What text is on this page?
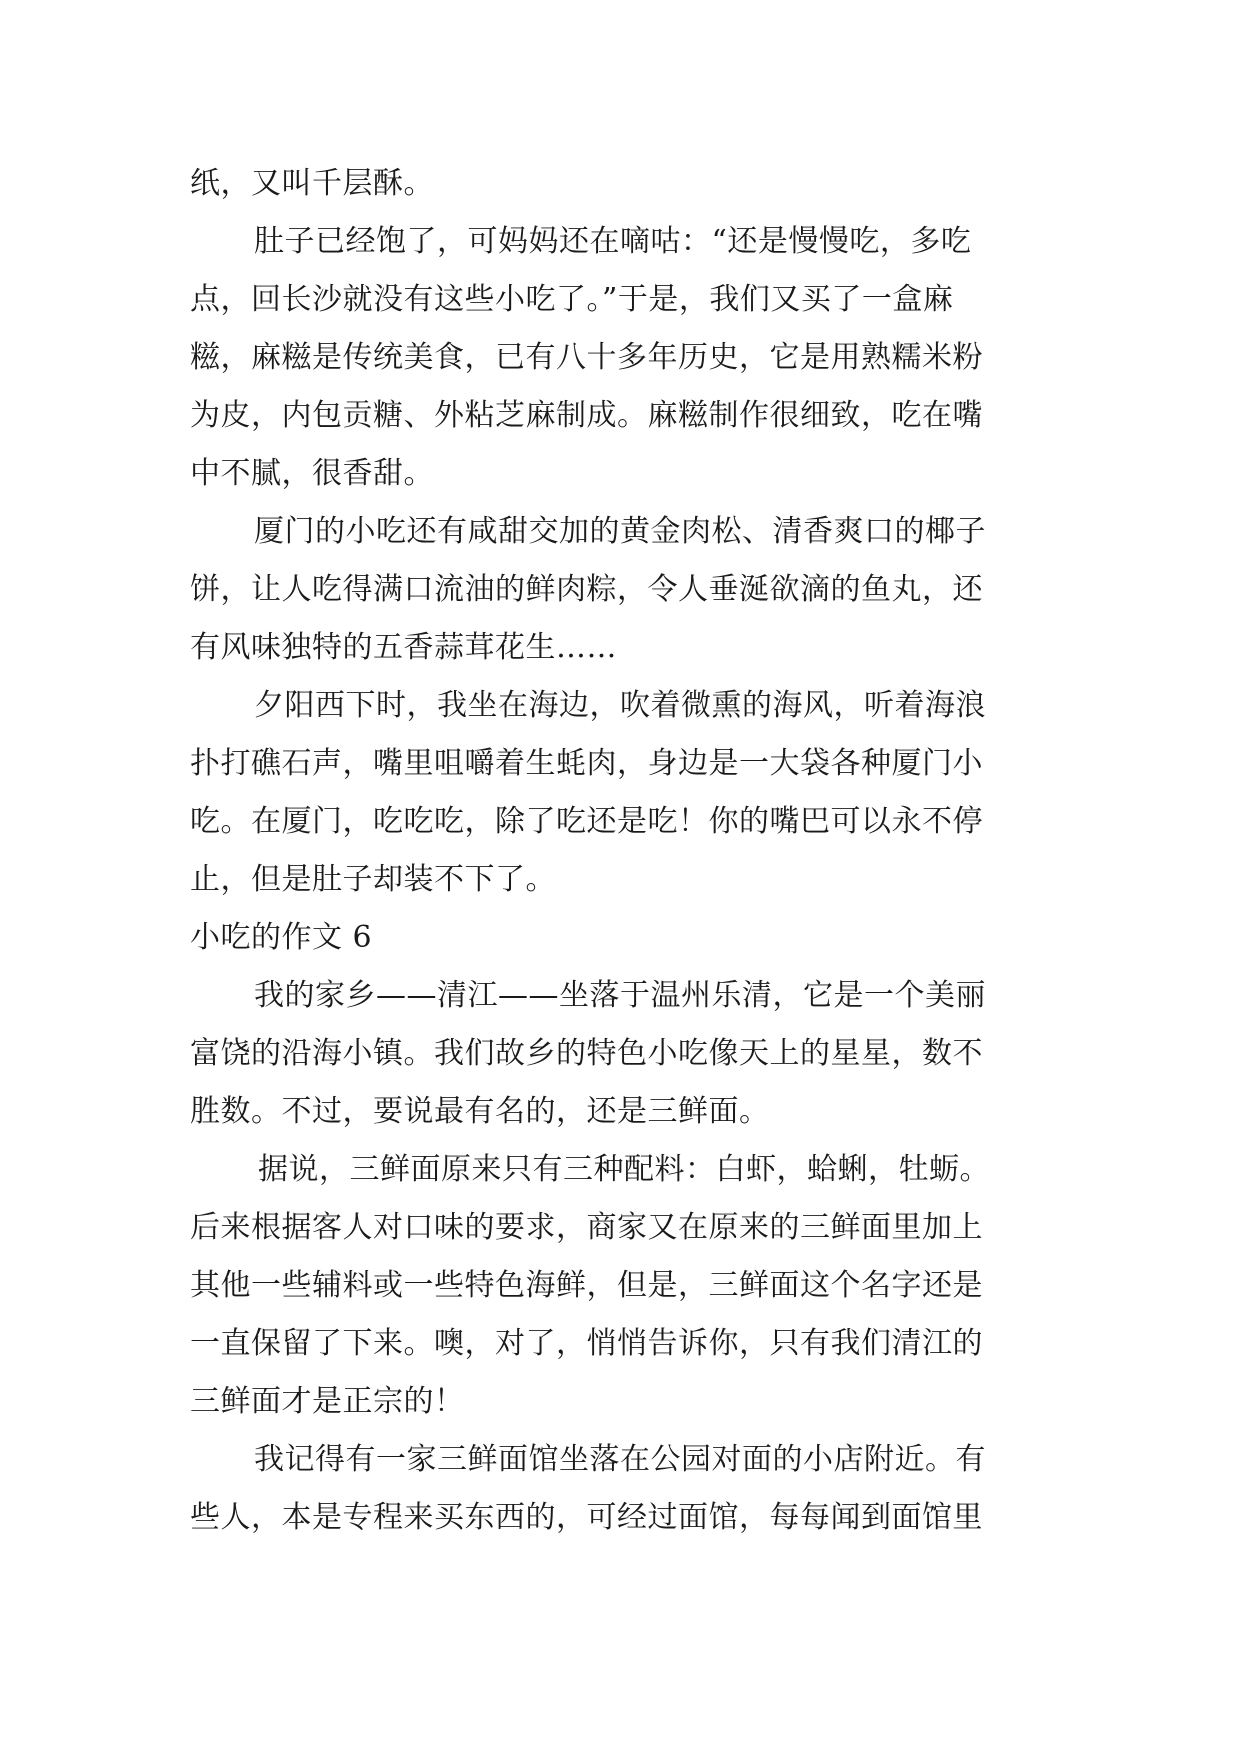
纸，又叫千层酥。
肚子已经饱了，可妈妈还在嘀咕：“还是慢慢吃，多吃
点，回长沙就没有这些小吃了。”于是，我们又买了一盒麻
糍，麻糍是传统美食，已有八十多年历史，它是用熟糯米粉
为皮，内包贡糖、外粘芝麻制成。麻糍制作很细致，吃在嘴
中不腻，很香甜。
厦门的小吃还有咸甜交加的黄金肉松、清香爽口的椰子
饼，让人吃得满口流油的鲜肉粽，令人垂涎欲滴的鱼丸，还
有风味独特的五香蒜茸花生……
夕阳西下时，我坐在海边，吹着微熏的海风，听着海浪
扑打礁石声，嘴里咀嚼着生蚝肉，身边是一大袋各种厦门小
吃。在厦门，吃吃吃，除了吃还是吃！你的嘴巴可以永不停
止，但是肚子却装不下了。
小吃的作文 6
我的家乡——清江——坐落于温州乐清，它是一个美丽
富饶的沿海小镇。我们故乡的特色小吃像天上的星星，数不
胜数。不过，要说最有名的，还是三鲜面。
据说，三鲜面原来只有三种配料：白虾，蛤蜊，牡蛎。
后来根据客人对口味的要求，商家又在原来的三鲜面里加上
其他一些辅料或一些特色海鲜，但是，三鲜面这个名字还是
一直保留了下来。噢，对了，悄悄告诉你，只有我们清江的
三鲜面才是正宗的！
我记得有一家三鲜面馆坐落在公园对面的小店附近。有
些人，本是专程来买东西的，可经过面馆，每每闻到面馆里
